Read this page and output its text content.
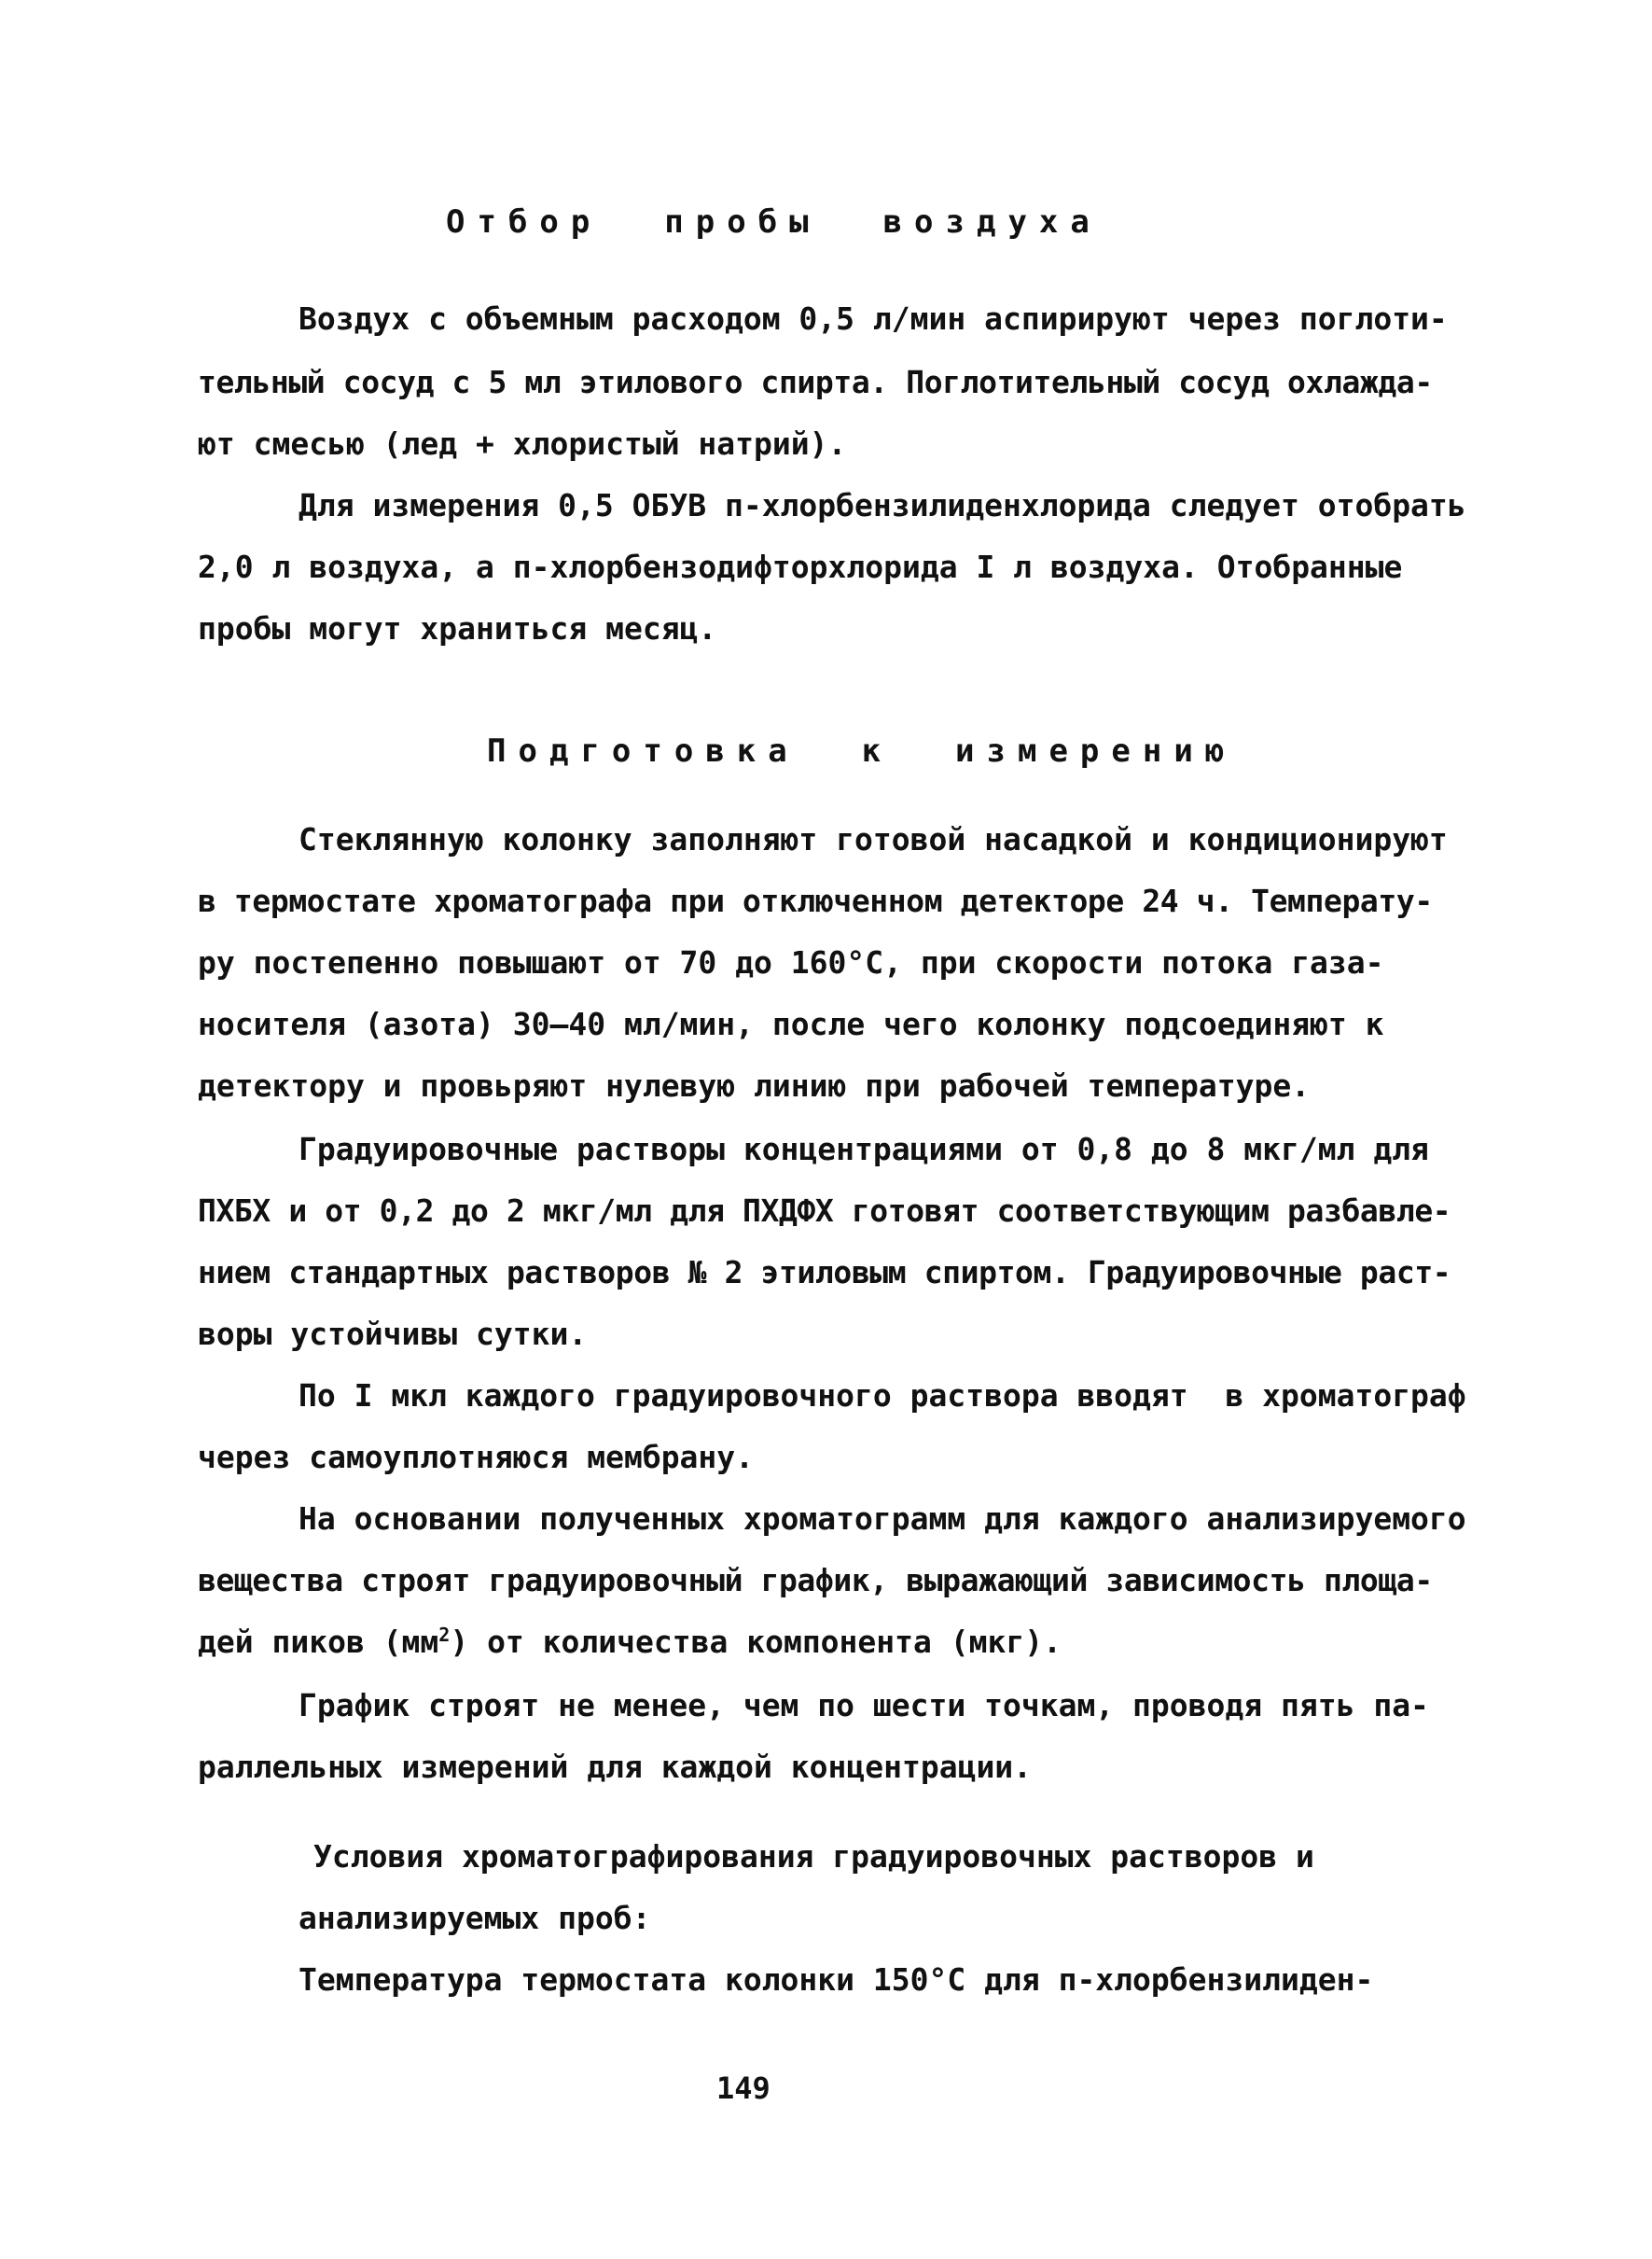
Отбор  пробы  воздуха
Воздух с объемным расходом 0,5 л/мин аспирируют через поглоти-
тельный сосуд с 5 мл этилового спирта. Поглотительный сосуд охлажда-
ют смесью (лед + хлористый натрий).
Для измерения 0,5 ОБУВ п-хлорбензилиденхлорида следует отобрать
2,0 л воздуха, а п-хлорбензодифторхлорида I л воздуха. Отобранные
пробы могут храниться месяц.
Подготовка  к  измерению
Стеклянную колонку заполняют готовой насадкой и кондиционируют
в термостате хроматографа при отключенном детекторе 24 ч. Температу-
ру постепенно повышают от 70 до 160°С, при скорости потока газа-
носителя (азота) 30–40 мл/мин, после чего колонку подсоединяют к
детектору и провьряют нулевую линию при рабочей температуре.
Градуировочные растворы концентрациями от 0,8 до 8 мкг/мл для
ПХБХ и от 0,2 до 2 мкг/мл для ПХДФХ готовят соответствующим разбавле-
нием стандартных растворов № 2 этиловым спиртом. Градуировочные раст-
воры устойчивы сутки.
По I мкл каждого градуировочного раствора вводят  в хроматограф
через самоуплотняюся мембрану.
На основании полученных хроматограмм для каждого анализируемого
вещества строят градуировочный график, выражающий зависимость площа-
дей пиков $(мм^2)$ от количества компонента (мкг).
График строят не менее, чем по шести точкам, проводя пять па-
раллельных измерений для каждой концентрации.
Условия хроматографирования градуировочных растворов и
анализируемых проб:
Температура термостата колонки 150°С для п-хлорбензилиден-
149
